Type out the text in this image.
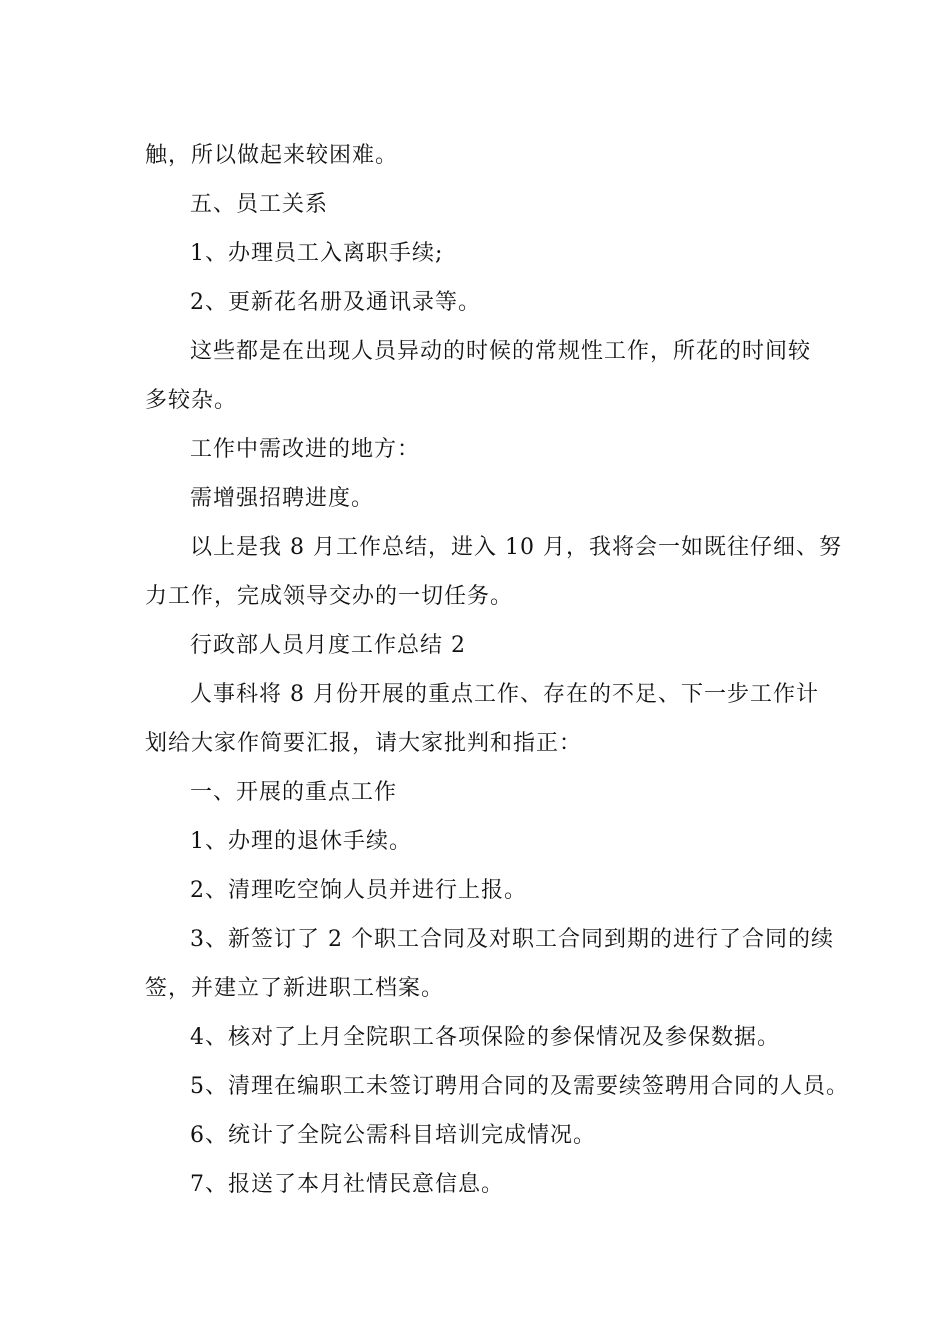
触，所以做起来较困难。

五、员工关系

1、办理员工入离职手续;

2、更新花名册及通讯录等。

这些都是在出现人员异动的时候的常规性工作，所花的时间较

多较杂。

工作中需改进的地方：

需增强招聘进度。

以上是我 8 月工作总结，进入 10 月，我将会一如既往仔细、努

力工作，完成领导交办的一切任务。

行政部人员月度工作总结 2

人事科将 8 月份开展的重点工作、存在的不足、下一步工作计

划给大家作简要汇报，请大家批判和指正：

一、开展的重点工作

1、办理的退休手续。

2、清理吃空饷人员并进行上报。

3、新签订了 2 个职工合同及对职工合同到期的进行了合同的续

签，并建立了新进职工档案。

4、核对了上月全院职工各项保险的参保情况及参保数据。

5、清理在编职工未签订聘用合同的及需要续签聘用合同的人员。

6、统计了全院公需科目培训完成情况。

7、报送了本月社情民意信息。
